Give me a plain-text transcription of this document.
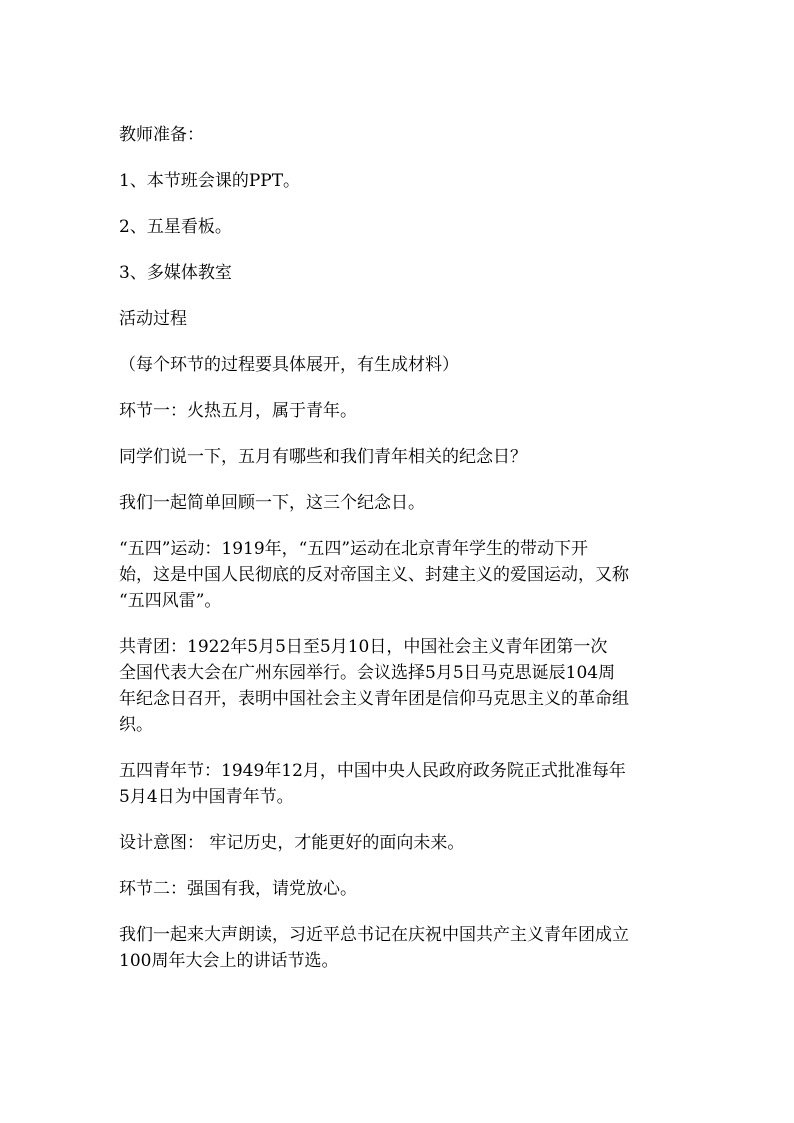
教师准备：

1、本节班会课的PPT。

2、五星看板。

3、多媒体教室

活动过程

（每个环节的过程要具体展开，有生成材料）

环节一：火热五月，属于青年。

同学们说一下，五月有哪些和我们青年相关的纪念日？

我们一起简单回顾一下，这三个纪念日。

“五四”运动：1919年，“五四”运动在北京青年学生的带动下开
始，这是中国人民彻底的反对帝国主义、封建主义的爱国运动，又称
“五四风雷”。

共青团：1922年5月5日至5月10日，中国社会主义青年团第一次
全国代表大会在广州东园举行。会议选择5月5日马克思诞辰104周
年纪念日召开，表明中国社会主义青年团是信仰马克思主义的革命组
织。

五四青年节：1949年12月，中国中央人民政府政务院正式批准每年
5月4日为中国青年节。

设计意图： 牢记历史，才能更好的面向未来。

环节二：强国有我，请党放心。

我们一起来大声朗读，习近平总书记在庆祝中国共产主义青年团成立
100周年大会上的讲话节选。
